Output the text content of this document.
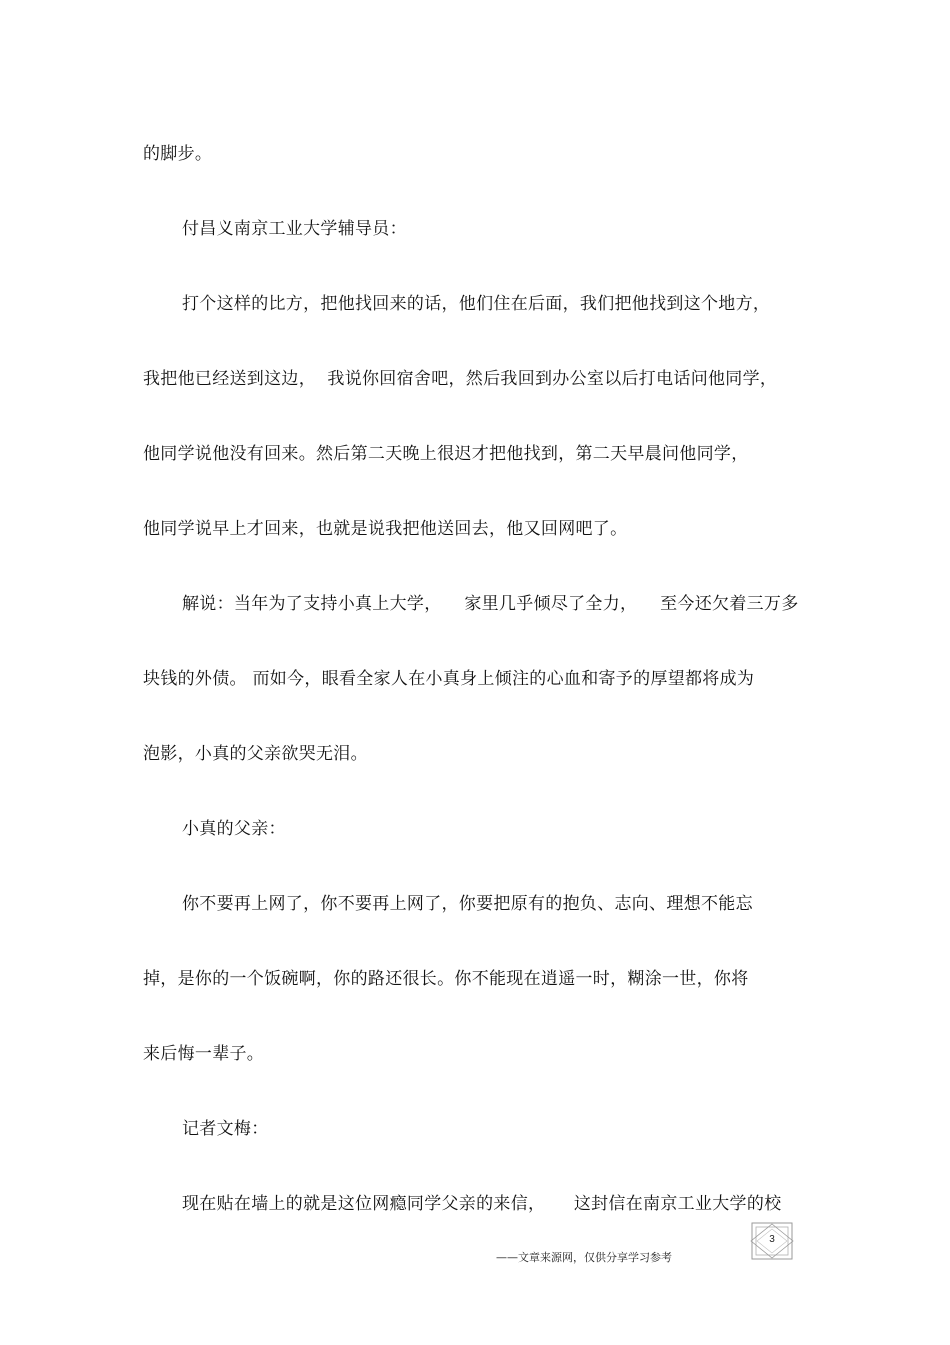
的脚步。
付昌义南京工业大学辅导员：
打个这样的比方，把他找回来的话，他们住在后面，我们把他找到这个地方，
我把他已经送到这边，  我说你回宿舍吧，然后我回到办公室以后打电话问他同学，
他同学说他没有回来。然后第二天晚上很迟才把他找到，第二天早晨问他同学，
他同学说早上才回来，也就是说我把他送回去，他又回网吧了。
解说：当年为了支持小真上大学，    家里几乎倾尽了全力，    至今还欠着三万多
块钱的外债。 而如今，眼看全家人在小真身上倾注的心血和寄予的厚望都将成为
泡影，小真的父亲欲哭无泪。
小真的父亲：
你不要再上网了，你不要再上网了，你要把原有的抱负、志向、理想不能忘
掉，是你的一个饭碗啊，你的路还很长。你不能现在逍遥一时，糊涂一世，你将
来后悔一辈子。
记者文梅：
现在贴在墙上的就是这位网瘾同学父亲的来信，     这封信在南京工业大学的校
3
——文章来源网，仅供分享学习参考
